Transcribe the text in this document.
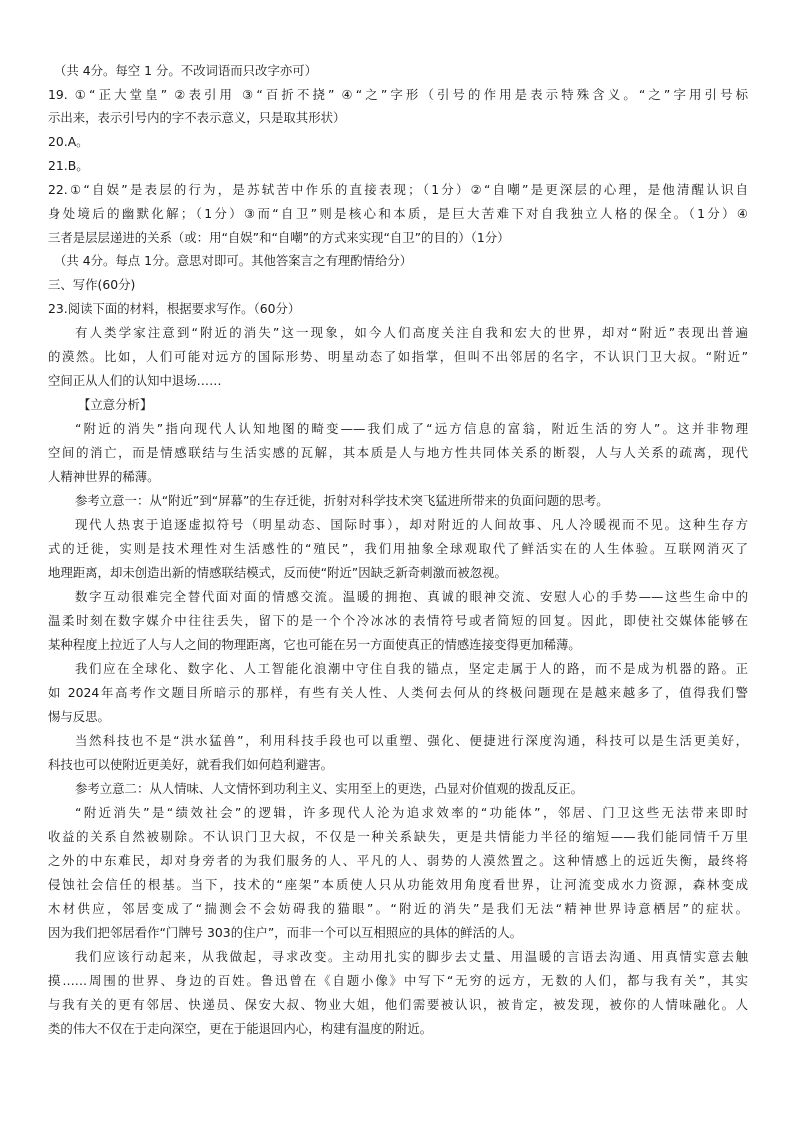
（共 4分。每空 1 分。不改词语而只改字亦可）
19. ①“正大堂皇” ②表引用 ③“百折不挠” ④“之”字形（引号的作用是表示特殊含义。“之”字用引号标
示出来，表示引号内的字不表示意义，只是取其形状）
20.A。
21.B。
22.①“自娱”是表层的行为，是苏轼苦中作乐的直接表现；（1分）②“自嘲”是更深层的心理，是他清醒认识自
身处境后的幽默化解；（1分）③而“自卫”则是核心和本质，是巨大苦难下对自我独立人格的保全。（1分）④
三者是层层递进的关系（或：用“自娱”和“自嘲”的方式来实现“自卫”的目的）（1分）
（共 4分。每点 1分。意思对即可。其他答案言之有理酌情给分）
三、写作(60分)
23.阅读下面的材料，根据要求写作。（60分）
有人类学家注意到“附近的消失”这一现象，如今人们高度关注自我和宏大的世界，却对“附近”表现出普遍
的漠然。比如，人们可能对远方的国际形势、明星动态了如指掌，但叫不出邻居的名字，不认识门卫大叔。“附近”
空间正从人们的认知中退场……
【立意分析】
“附近的消失”指向现代人认知地图的畸变——我们成了“远方信息的富翁，附近生活的穷人”。这并非物理
空间的消亡，而是情感联结与生活实感的瓦解，其本质是人与地方性共同体关系的断裂，人与人关系的疏离，现代
人精神世界的稀薄。
参考立意一：从“附近”到“屏幕”的生存迁徙，折射对科学技术突飞猛进所带来的负面问题的思考。
现代人热衷于追逐虚拟符号（明星动态、国际时事），却对附近的人间故事、凡人冷暖视而不见。这种生存方
式的迁徙，实则是技术理性对生活感性的“殖民”，我们用抽象全球观取代了鲜活实在的人生体验。互联网消灭了
地理距离，却未创造出新的情感联结模式，反而使“附近”因缺乏新奇刺激而被忽视。
数字互动很难完全替代面对面的情感交流。温暖的拥抱、真诚的眼神交流、安慰人心的手势——这些生命中的
温柔时刻在数字媒介中往往丢失，留下的是一个个冷冰冰的表情符号或者简短的回复。因此，即使社交媒体能够在
某种程度上拉近了人与人之间的物理距离，它也可能在另一方面使真正的情感连接变得更加稀薄。
我们应在全球化、数字化、人工智能化浪潮中守住自我的锚点，坚定走属于人的路，而不是成为机器的路。正
如 2024年高考作文题目所暗示的那样，有些有关人性、人类何去何从的终极问题现在是越来越多了，值得我们警
惕与反思。
当然科技也不是“洪水猛兽”，利用科技手段也可以重塑、强化、便捷进行深度沟通，科技可以是生活更美好，
科技也可以使附近更美好，就看我们如何趋利避害。
参考立意二：从人情味、人文情怀到功利主义、实用至上的更迭，凸显对价值观的拨乱反正。
“附近消失”是“绩效社会”的逻辑，许多现代人沦为追求效率的“功能体”，邻居、门卫这些无法带来即时
收益的关系自然被剔除。不认识门卫大叔，不仅是一种关系缺失，更是共情能力半径的缩短——我们能同情千万里
之外的中东难民，却对身旁者的为我们服务的人、平凡的人、弱势的人漠然置之。这种情感上的远近失衡，最终将
侵蚀社会信任的根基。当下，技术的“座架”本质使人只从功能效用角度看世界，让河流变成水力资源，森林变成
木材供应，邻居变成了“揣测会不会妨碍我的猫眼”。“附近的消失”是我们无法“精神世界诗意栖居”的症状。
因为我们把邻居看作“门牌号 303的住户”，而非一个可以互相照应的具体的鲜活的人。
我们应该行动起来，从我做起，寻求改变。主动用扎实的脚步去丈量、用温暖的言语去沟通、用真情实意去触
摸……周围的世界、身边的百姓。鲁迅曾在《自题小像》中写下“无穷的远方，无数的人们，都与我有关”，其实
与我有关的更有邻居、快递员、保安大叔、物业大姐，他们需要被认识，被肯定，被发现，被你的人情味融化。人
类的伟大不仅在于走向深空，更在于能退回内心，构建有温度的附近。
